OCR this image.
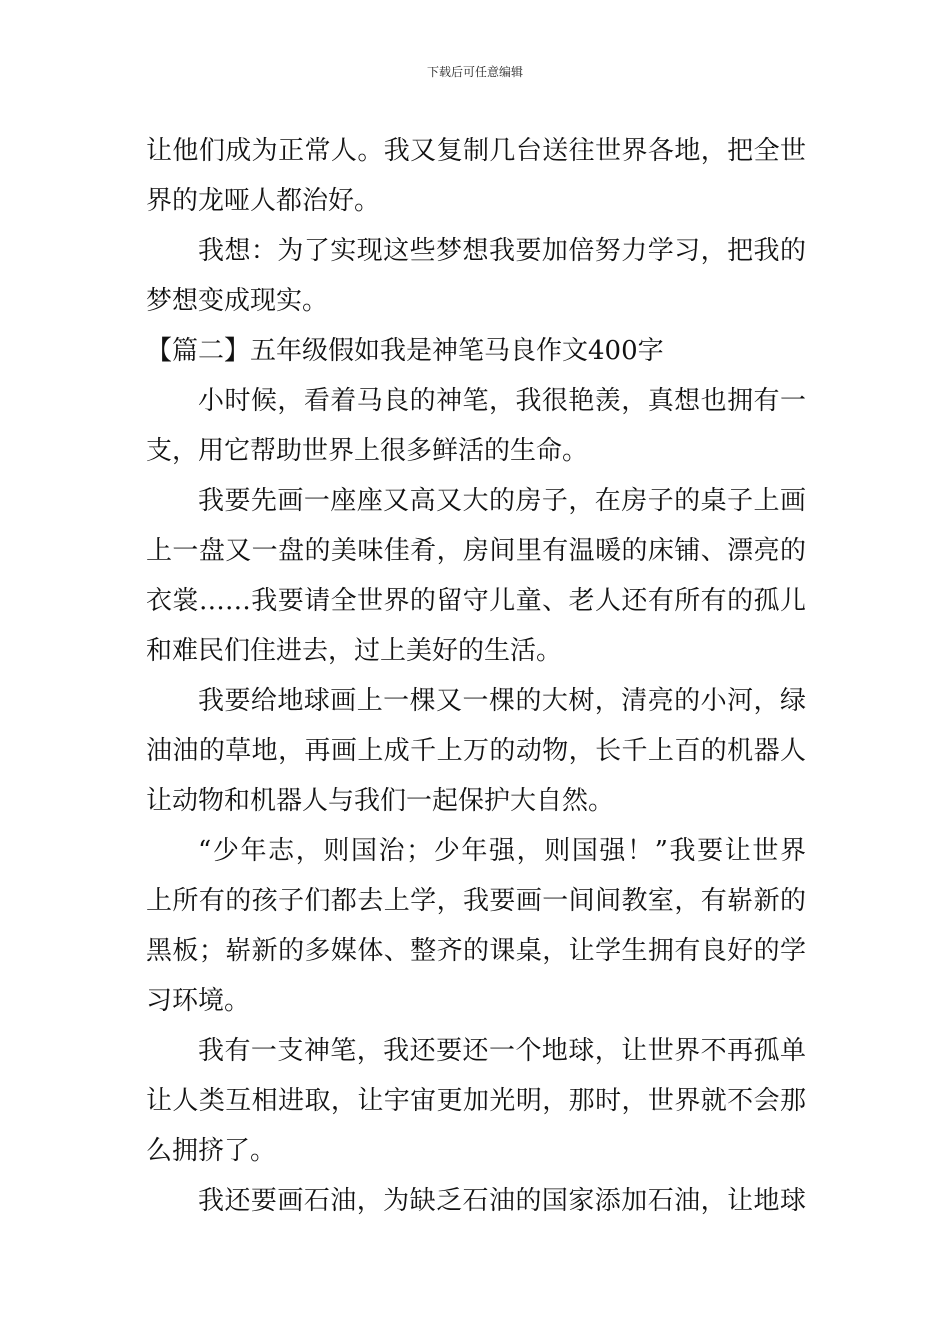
下载后可任意编辑
让他们成为正常人。我又复制几台送往世界各地，把全世
界的龙哑人都治好。
我想：为了实现这些梦想我要加倍努力学习，把我的
梦想变成现实。
【篇二】五年级假如我是神笔马良作文400字
小时候，看着马良的神笔，我很艳羡，真想也拥有一
支，用它帮助世界上很多鲜活的生命。
我要先画一座座又高又大的房子，在房子的桌子上画
上一盘又一盘的美味佳肴，房间里有温暖的床铺、漂亮的
衣裳……我要请全世界的留守儿童、老人还有所有的孤儿
和难民们住进去，过上美好的生活。
我要给地球画上一棵又一棵的大树，清亮的小河，绿
油油的草地，再画上成千上万的动物，长千上百的机器人
让动物和机器人与我们一起保护大自然。
“少年志，则国治；少年强，则国强！”我要让世界
上所有的孩子们都去上学，我要画一间间教室，有崭新的
黑板；崭新的多媒体、整齐的课桌，让学生拥有良好的学
习环境。
我有一支神笔，我还要还一个地球，让世界不再孤单
让人类互相进取，让宇宙更加光明，那时，世界就不会那
么拥挤了。
我还要画石油，为缺乏石油的国家添加石油，让地球
